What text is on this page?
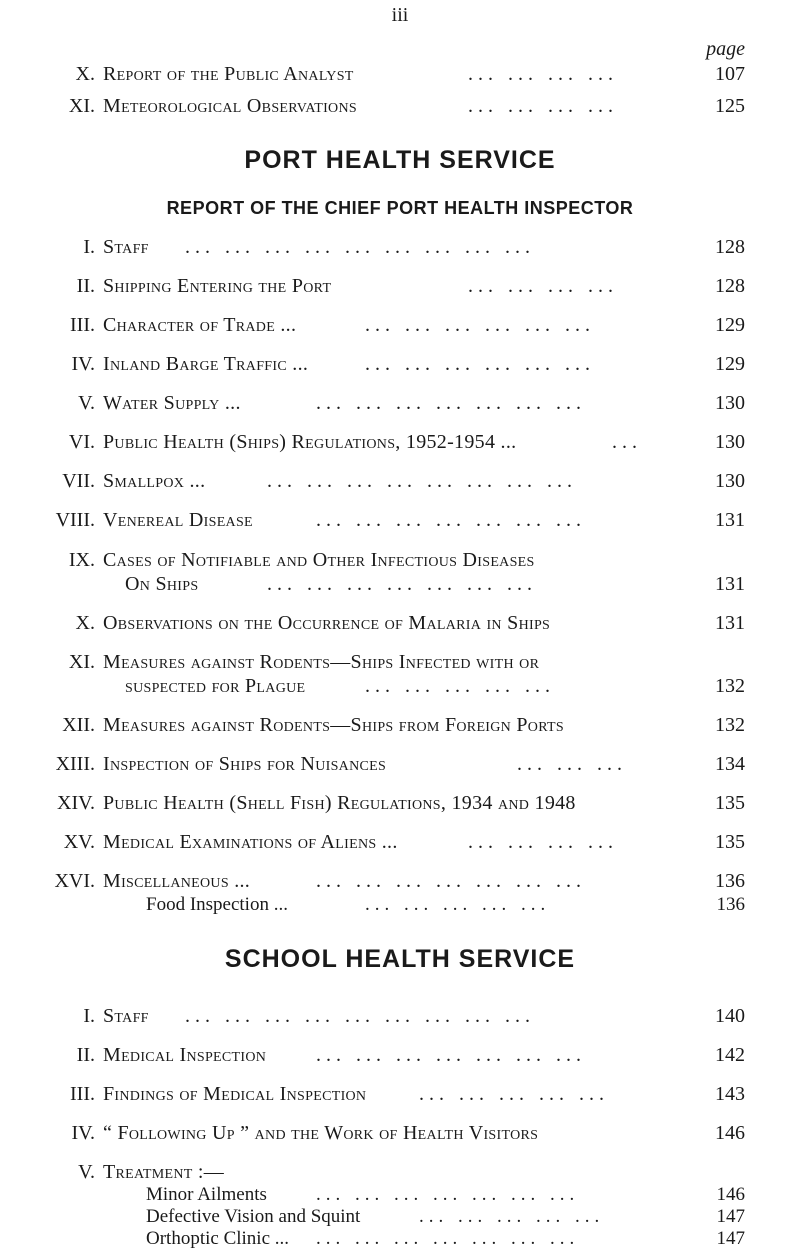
iii
page
X. Report of the Public Analyst	... ... ... ...	107
XI. Meteorological Observations	... ... ... ...	125
PORT HEALTH SERVICE
REPORT OF THE CHIEF PORT HEALTH INSPECTOR
I. Staff ... ... ... ... ... ... ... ... ...	128
II. Shipping Entering the Port	... ... ... ...	128
III. Character of Trade ...	... ... ... ... ... ...	129
IV. Inland Barge Traffic ...	... ... ... ... ... ...	129
V. Water Supply ...	... ... ... ... ... ... ...	130
VI. Public Health (Ships) Regulations, 1952-1954 ...	...	130
VII. Smallpox ...	... ... ... ... ... ... ... ...	130
VIII. Venereal Disease	... ... ... ... ... ... ...	131
IX. Cases of Notifiable and Other Infectious Diseases
On Ships	... ... ... ... ... ... ...	131
X. Observations on the Occurrence of Malaria in Ships	131
XI. Measures against Rodents—Ships Infected with or
suspected for Plague	... ... ... ... ...	132
XII. Measures against Rodents—Ships from Foreign Ports	132
XIII. Inspection of Ships for Nuisances	... ... ...	134
XIV. Public Health (Shell Fish) Regulations, 1934 and 1948	135
XV. Medical Examinations of Aliens ...	... ... ... ...	135
XVI. Miscellaneous ...	... ... ... ... ... ... ...	136
Food Inspection ...	... ... ... ... ...	136
SCHOOL HEALTH SERVICE
I. Staff ... ... ... ... ... ... ... ... ...	140
II. Medical Inspection ... ... ... ... ... ... ...	142
III. Findings of Medical Inspection	... ... ... ... ...	143
IV. “ Following Up ” and the Work of Health Visitors	146
V. Treatment :—
Minor Ailments	... ... ... ... ... ... ...	146
Defective Vision and Squint	... ... ... ... ...	147
Orthoptic Clinic ... ... ... ... ... ... ... ...	147
